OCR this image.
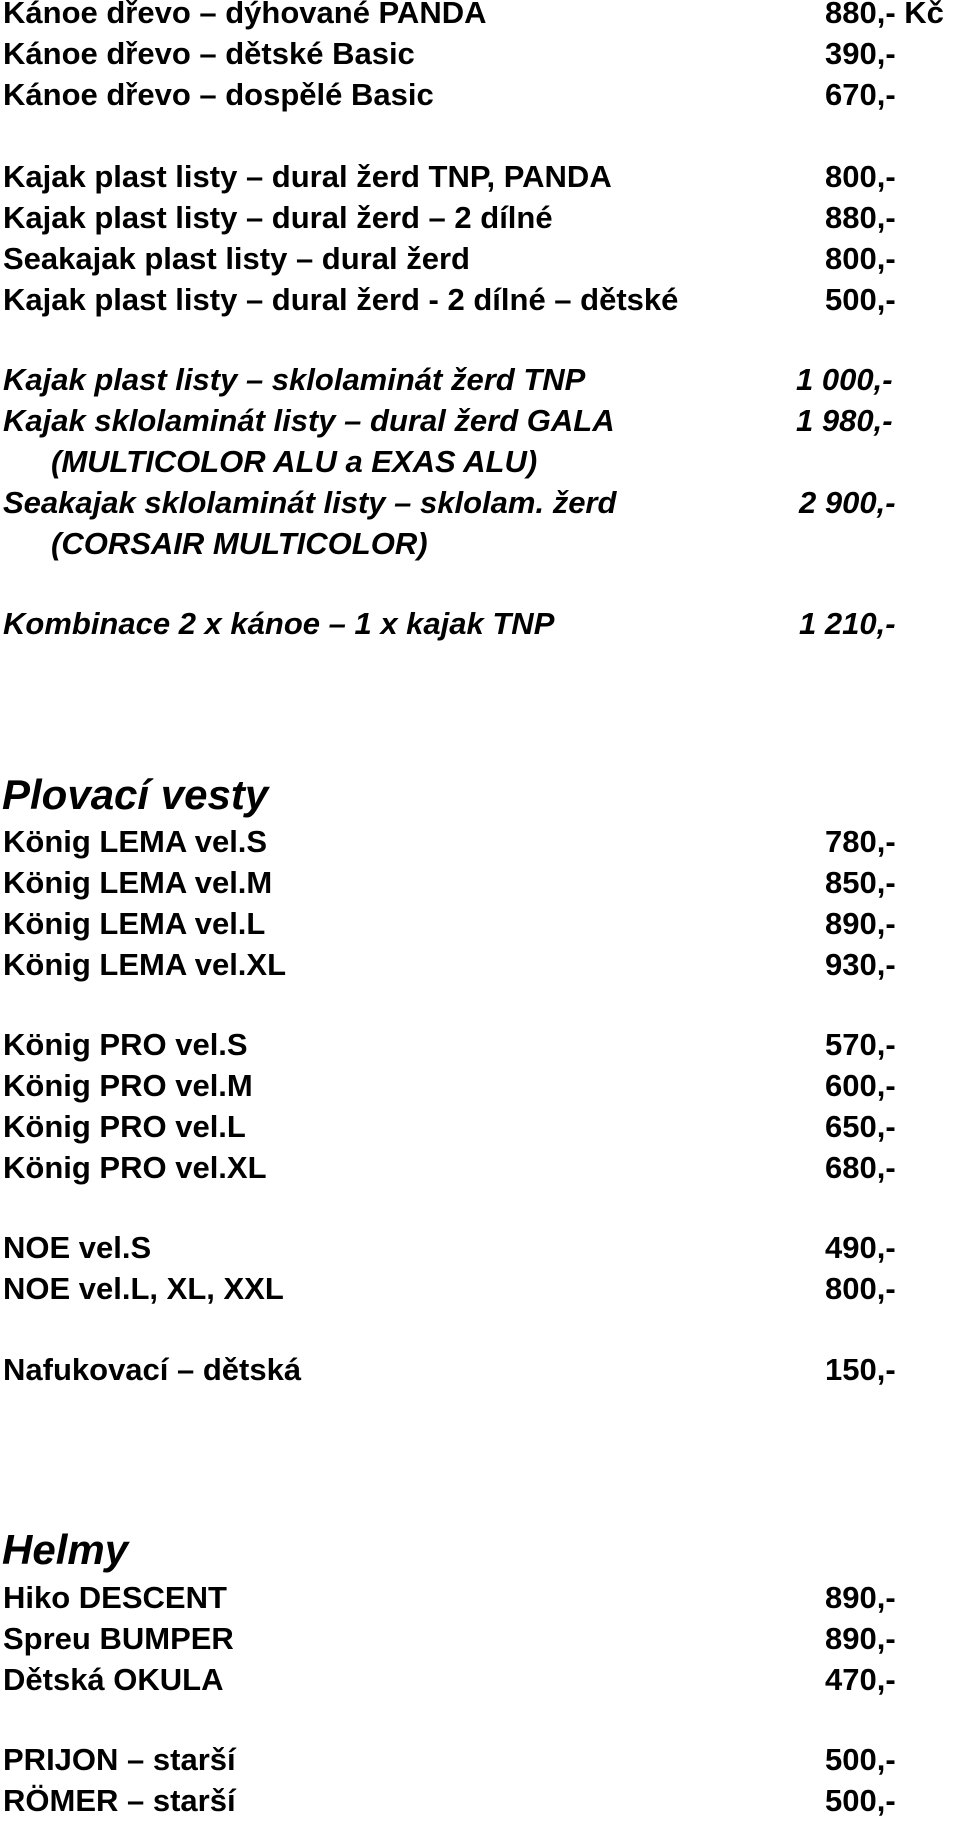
Kánoe dřevo – dýhované PANDA	880,- Kč
Kánoe dřevo – dětské Basic	390,-
Kánoe dřevo – dospělé Basic	670,-
Kajak plast listy – dural žerd TNP, PANDA	800,-
Kajak plast listy – dural žerd – 2 dílné	880,-
Seakajak plast listy – dural žerd	800,-
Kajak plast listy – dural žerd - 2 dílné – dětské	500,-
Kajak plast listy – sklolaminát žerd TNP	1 000,-
Kajak sklolaminát listy – dural žerd GALA	1 980,-
(MULTICOLOR ALU a EXAS ALU)
Seakajak sklolaminát listy – sklolam. žerd	2 900,-
(CORSAIR MULTICOLOR)
Kombinace 2 x kánoe – 1 x kajak TNP	1 210,-
Plovací vesty
König LEMA vel.S	780,-
König LEMA vel.M	850,-
König LEMA vel.L	890,-
König LEMA vel.XL	930,-
König PRO vel.S	570,-
König PRO vel.M	600,-
König PRO vel.L	650,-
König PRO vel.XL	680,-
NOE vel.S	490,-
NOE vel.L, XL, XXL	800,-
Nafukovací – dětská	150,-
Helmy
Hiko DESCENT	890,-
Spreu BUMPER	890,-
Dětská OKULA	470,-
PRIJON – starší	500,-
RÖMER – starší	500,-
